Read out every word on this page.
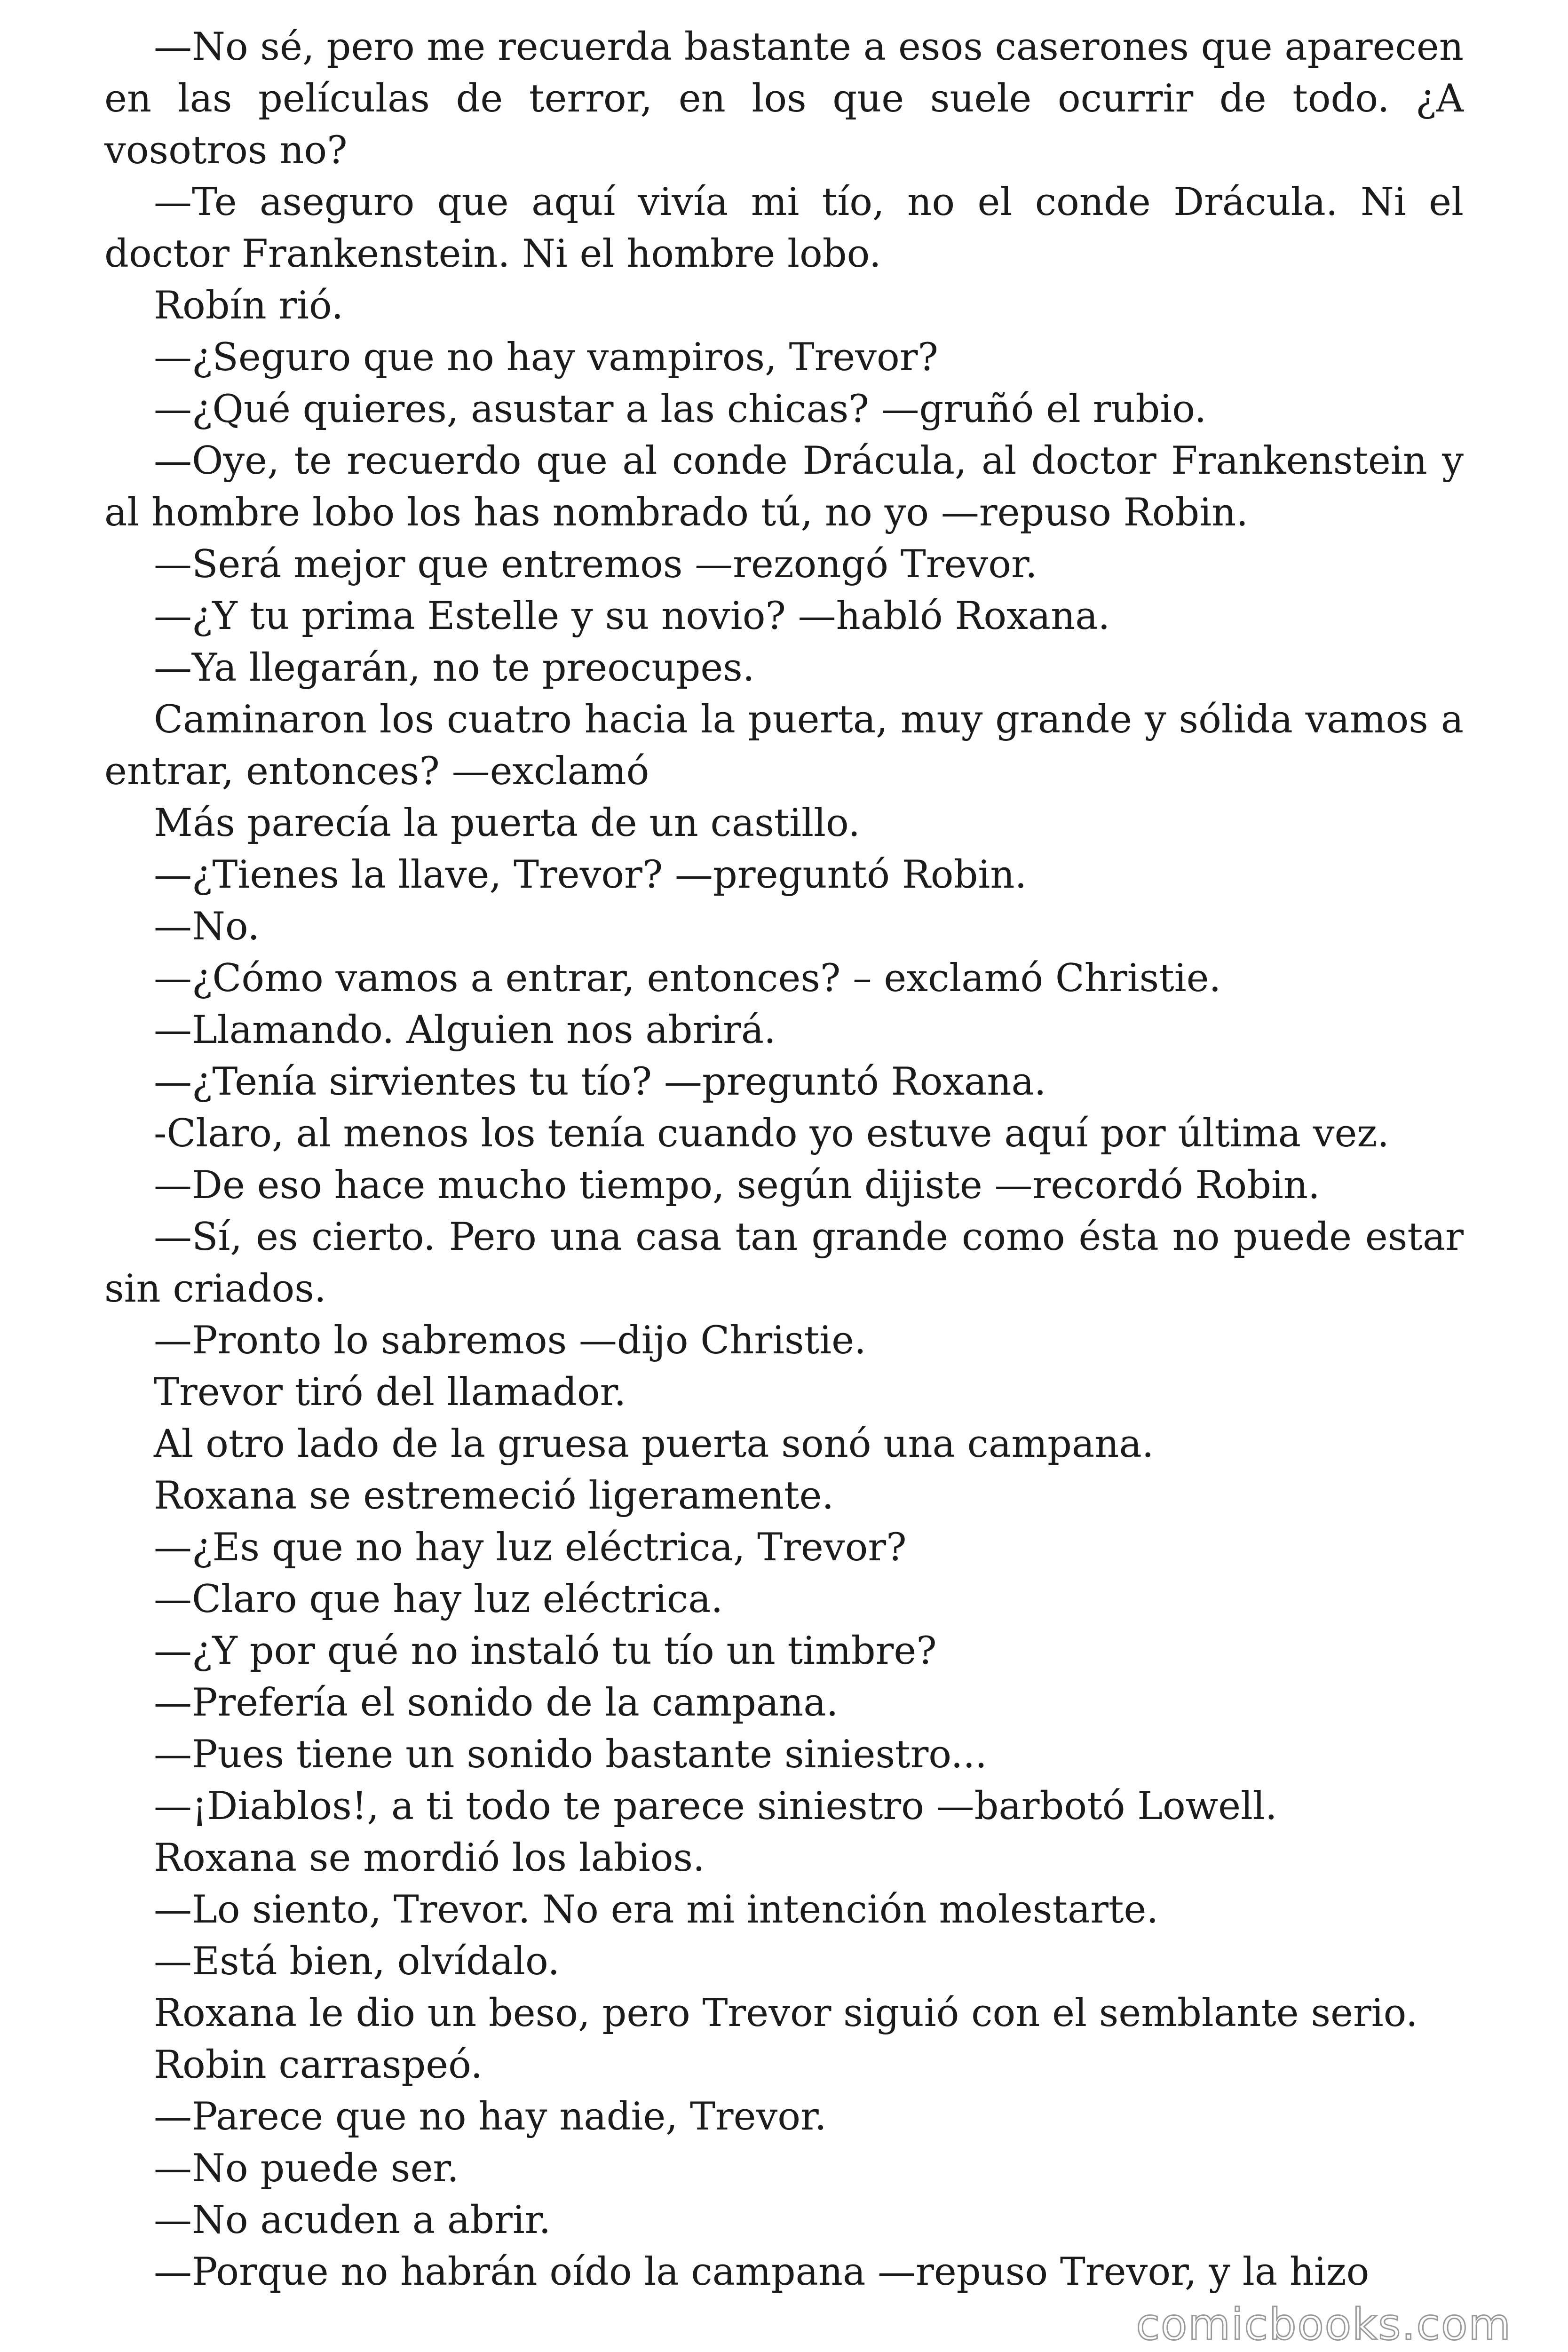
—No sé, pero me recuerda bastante a esos caserones que aparecen en las películas de terror, en los que suele ocurrir de todo. ¿A vosotros no?

—Te aseguro que aquí vivía mi tío, no el conde Drácula. Ni el doctor Frankenstein. Ni el hombre lobo.

Robín rió.

—¿Seguro que no hay vampiros, Trevor?

—¿Qué quieres, asustar a las chicas? —gruñó el rubio.

—Oye, te recuerdo que al conde Drácula, al doctor Frankenstein y al hombre lobo los has nombrado tú, no yo —repuso Robin.

—Será mejor que entremos —rezongó Trevor.

—¿Y tu prima Estelle y su novio? —habló Roxana.

—Ya llegarán, no te preocupes.

Caminaron los cuatro hacia la puerta, muy grande y sólida vamos a entrar, entonces? —exclamó

Más parecía la puerta de un castillo.

—¿Tienes la llave, Trevor? —preguntó Robin.

—No.

—¿Cómo vamos a entrar, entonces? – exclamó Christie.

—Llamando. Alguien nos abrirá.

—¿Tenía sirvientes tu tío? —preguntó Roxana.

-Claro, al menos los tenía cuando yo estuve aquí por última vez.

—De eso hace mucho tiempo, según dijiste —recordó Robin.

—Sí, es cierto. Pero una casa tan grande como ésta no puede estar sin criados.

—Pronto lo sabremos —dijo Christie.

Trevor tiró del llamador.

Al otro lado de la gruesa puerta sonó una campana.

Roxana se estremeció ligeramente.

—¿Es que no hay luz eléctrica, Trevor?

—Claro que hay luz eléctrica.

—¿Y por qué no instaló tu tío un timbre?

—Prefería el sonido de la campana.

—Pues tiene un sonido bastante siniestro...

—¡Diablos!, a ti todo te parece siniestro —barbotó Lowell.

Roxana se mordió los labios.

—Lo siento, Trevor. No era mi intención molestarte.

—Está bien, olvídalo.

Roxana le dio un beso, pero Trevor siguió con el semblante serio.

Robin carraspeó.

—Parece que no hay nadie, Trevor.

—No puede ser.

—No acuden a abrir.

—Porque no habrán oído la campana —repuso Trevor, y la hizo

comicbooks.com
